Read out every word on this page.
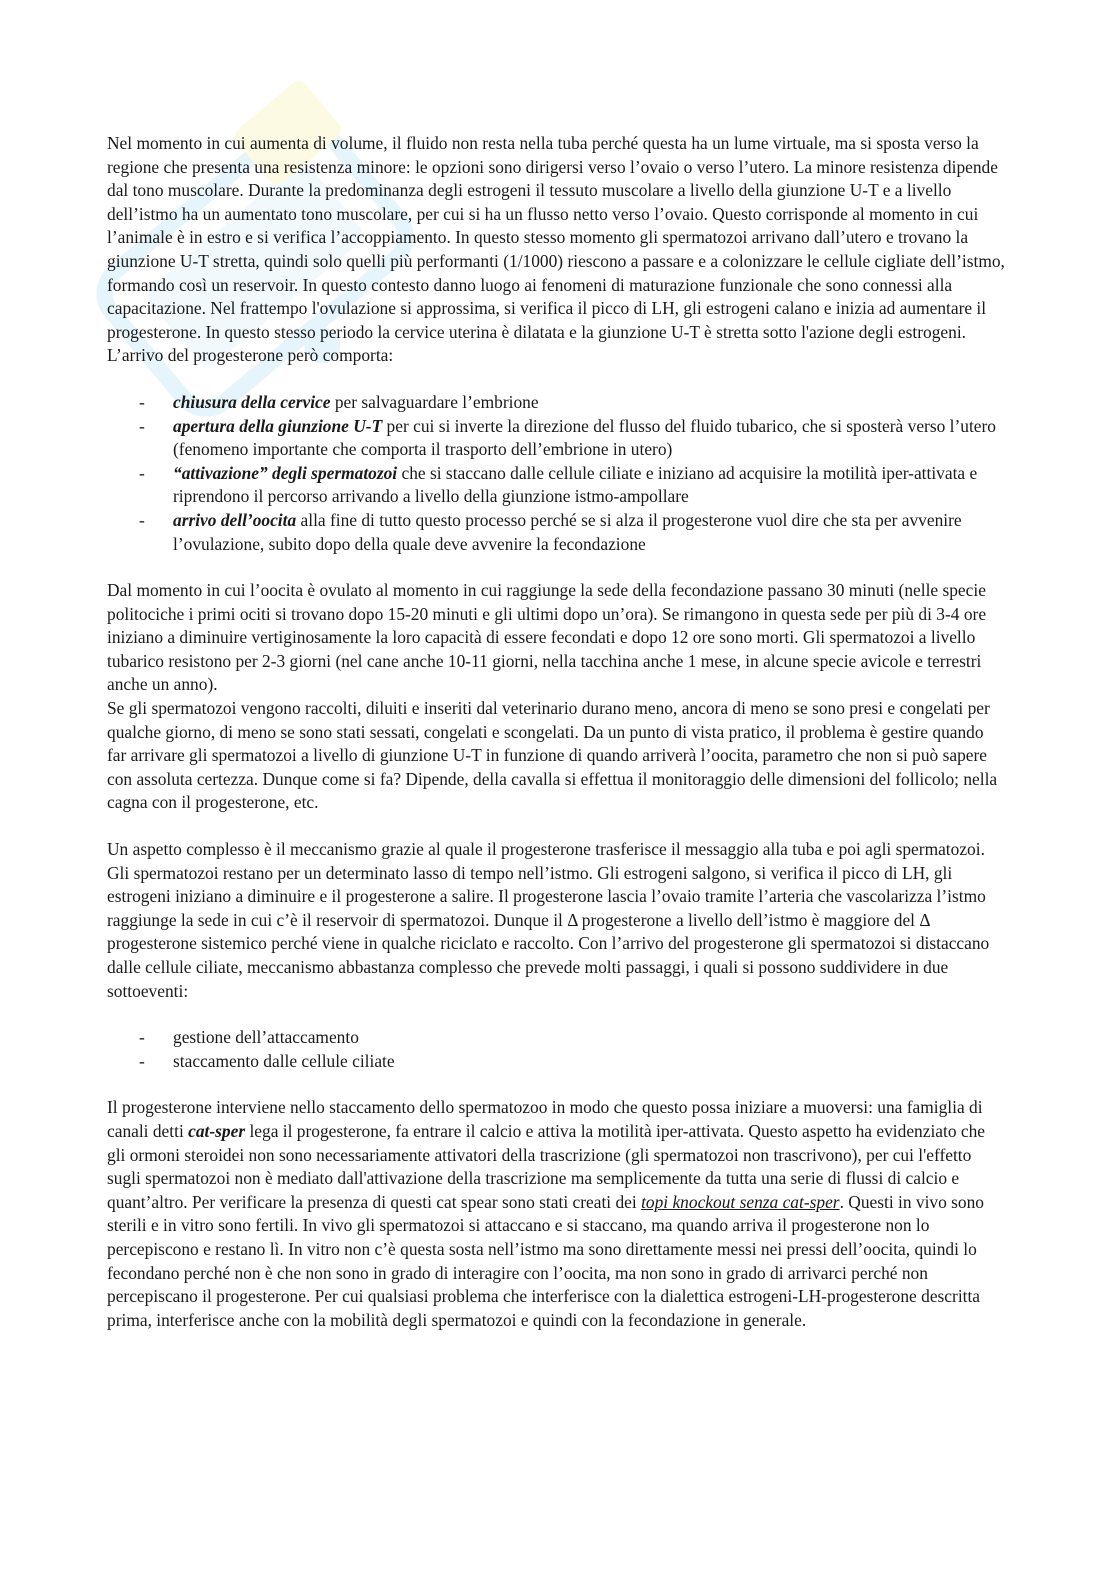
Nel momento in cui aumenta di volume, il fluido non resta nella tuba perché questa ha un lume virtuale, ma si sposta verso la regione che presenta una resistenza minore: le opzioni sono dirigersi verso l’ovaio o verso l’utero. La minore resistenza dipende dal tono muscolare. Durante la predominanza degli estrogeni il tessuto muscolare a livello della giunzione U-T e a livello dell’istmo ha un aumentato tono muscolare, per cui si ha un flusso netto verso l’ovaio. Questo corrisponde al momento in cui l’animale è in estro e si verifica l’accoppiamento. In questo stesso momento gli spermatozoi arrivano dall’utero e trovano la giunzione U-T stretta, quindi solo quelli più performanti (1/1000) riescono a passare e a colonizzare le cellule cigliate dell’istmo, formando così un reservoir. In questo contesto danno luogo ai fenomeni di maturazione funzionale che sono connessi alla capacitazione. Nel frattempo l'ovulazione si approssima, si verifica il picco di LH, gli estrogeni calano e inizia ad aumentare il progesterone. In questo stesso periodo la cervice uterina è dilatata e la giunzione U-T è stretta sotto l'azione degli estrogeni. L’arrivo del progesterone però comporta:

- chiusura della cervice per salvaguardare l’embrione
- apertura della giunzione U-T per cui si inverte la direzione del flusso del fluido tubarico, che si sposterà verso l’utero (fenomeno importante che comporta il trasporto dell’embrione in utero)
- “attivazione” degli spermatozoi che si staccano dalle cellule ciliate e iniziano ad acquisire la motilità iper-attivata e riprendono il percorso arrivando a livello della giunzione istmo-ampollare
- arrivo dell’oocita alla fine di tutto questo processo perché se si alza il progesterone vuol dire che sta per avvenire l’ovulazione, subito dopo della quale deve avvenire la fecondazione

Dal momento in cui l’oocita è ovulato al momento in cui raggiunge la sede della fecondazione passano 30 minuti (nelle specie politociche i primi ociti si trovano dopo 15-20 minuti e gli ultimi dopo un’ora). Se rimangono in questa sede per più di 3-4 ore iniziano a diminuire vertiginosamente la loro capacità di essere fecondati e dopo 12 ore sono morti. Gli spermatozoi a livello tubarico resistono per 2-3 giorni (nel cane anche 10-11 giorni, nella tacchina anche 1 mese, in alcune specie avicole e terrestri anche un anno).

Se gli spermatozoi vengono raccolti, diluiti e inseriti dal veterinario durano meno, ancora di meno se sono presi e congelati per qualche giorno, di meno se sono stati sessati, congelati e scongelati. Da un punto di vista pratico, il problema è gestire quando far arrivare gli spermatozoi a livello di giunzione U-T in funzione di quando arriverà l’oocita, parametro che non si può sapere con assoluta certezza. Dunque come si fa? Dipende, della cavalla si effettua il monitoraggio delle dimensioni del follicolo; nella cagna con il progesterone, etc.

Un aspetto complesso è il meccanismo grazie al quale il progesterone trasferisce il messaggio alla tuba e poi agli spermatozoi. Gli spermatozoi restano per un determinato lasso di tempo nell’istmo. Gli estrogeni salgono, si verifica il picco di LH, gli estrogeni iniziano a diminuire e il progesterone a salire. Il progesterone lascia l’ovaio tramite l’arteria che vascolarizza l’istmo raggiunge la sede in cui c’è il reservoir di spermatozoi. Dunque il Δ progesterone a livello dell’istmo è maggiore del Δ progesterone sistemico perché viene in qualche riciclato e raccolto. Con l’arrivo del progesterone gli spermatozoi si distaccano dalle cellule ciliate, meccanismo abbastanza complesso che prevede molti passaggi, i quali si possono suddividere in due sottoeventi:

- gestione dell’attaccamento
- staccamento dalle cellule ciliate

Il progesterone interviene nello staccamento dello spermatozoo in modo che questo possa iniziare a muoversi: una famiglia di canali detti cat-sper lega il progesterone, fa entrare il calcio e attiva la motilità iper-attivata. Questo aspetto ha evidenziato che gli ormoni steroidei non sono necessariamente attivatori della trascrizione (gli spermatozoi non trascrivono), per cui l'effetto sugli spermatozoi non è mediato dall'attivazione della trascrizione ma semplicemente da tutta una serie di flussi di calcio e quant’altro. Per verificare la presenza di questi cat spear sono stati creati dei topi knockout senza cat-sper. Questi in vivo sono sterili e in vitro sono fertili. In vivo gli spermatozoi si attaccano e si staccano, ma quando arriva il progesterone non lo percepiscono e restano lì. In vitro non c’è questa sosta nell’istmo ma sono direttamente messi nei pressi dell’oocita, quindi lo fecondano perché non è che non sono in grado di interagire con l’oocita, ma non sono in grado di arrivarci perché non percepiscano il progesterone. Per cui qualsiasi problema che interferisce con la dialettica estrogeni-LH-progesterone descritta prima, interferisce anche con la mobilità degli spermatozoi e quindi con la fecondazione in generale.
